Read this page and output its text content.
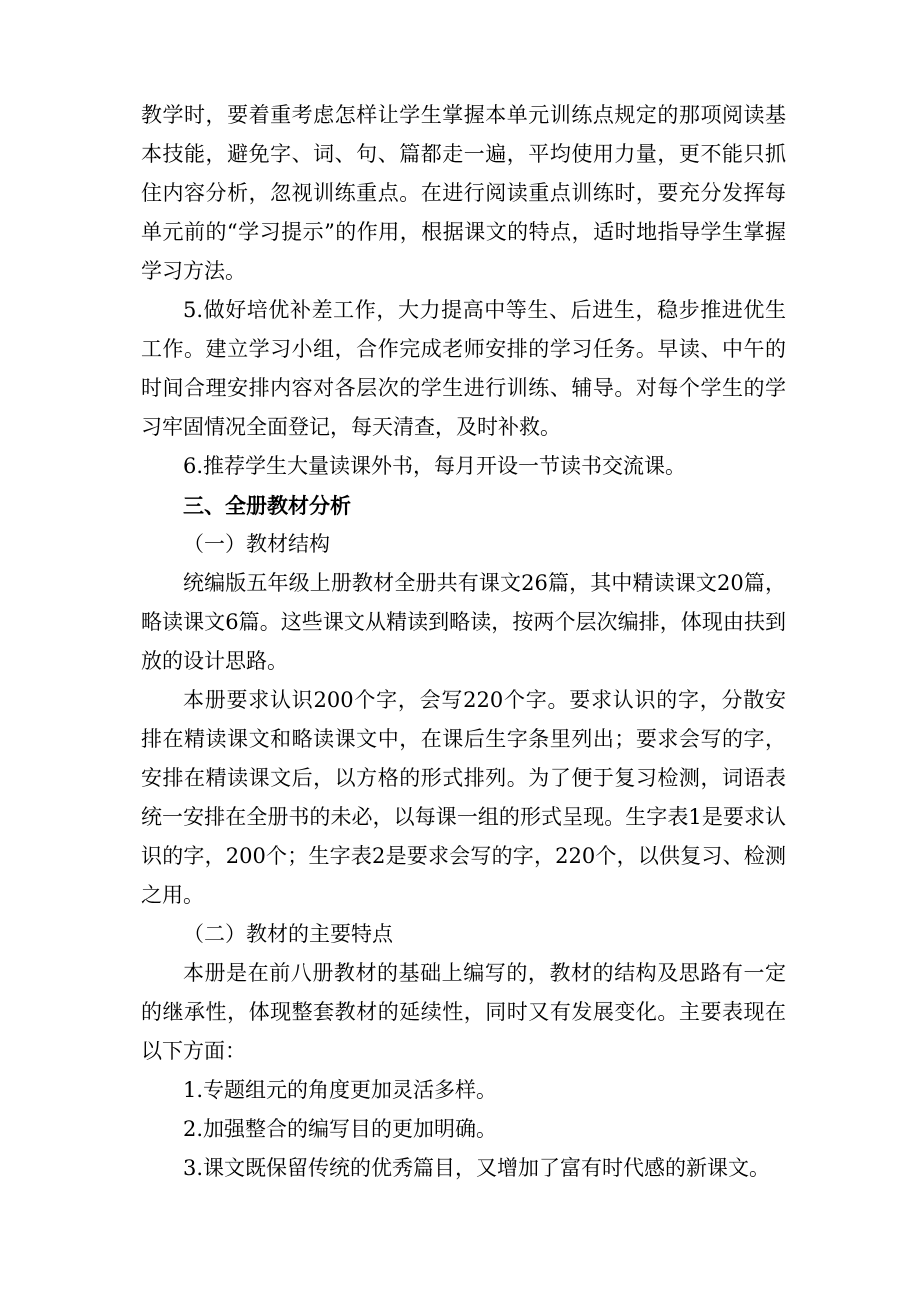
教学时，要着重考虑怎样让学生掌握本单元训练点规定的那项阅读基本技能，避免字、词、句、篇都走一遍，平均使用力量，更不能只抓住内容分析，忽视训练重点。在进行阅读重点训练时，要充分发挥每单元前的“学习提示”的作用，根据课文的特点，适时地指导学生掌握学习方法。

5.做好培优补差工作，大力提高中等生、后进生，稳步推进优生工作。建立学习小组，合作完成老师安排的学习任务。早读、中午的时间合理安排内容对各层次的学生进行训练、辅导。对每个学生的学习牢固情况全面登记，每天清查，及时补救。

6.推荐学生大量读课外书，每月开设一节读书交流课。

三、全册教材分析

（一）教材结构

统编版五年级上册教材全册共有课文26篇，其中精读课文20篇，略读课文6篇。这些课文从精读到略读，按两个层次编排，体现由扶到放的设计思路。

本册要求认识200个字，会写220个字。要求认识的字，分散安排在精读课文和略读课文中，在课后生字条里列出；要求会写的字，安排在精读课文后，以方格的形式排列。为了便于复习检测，词语表统一安排在全册书的未必，以每课一组的形式呈现。生字表1是要求认识的字，200个；生字表2是要求会写的字，220个，以供复习、检测之用。

（二）教材的主要特点

本册是在前八册教材的基础上编写的，教材的结构及思路有一定的继承性，体现整套教材的延续性，同时又有发展变化。主要表现在以下方面：

1.专题组元的角度更加灵活多样。

2.加强整合的编写目的更加明确。

3.课文既保留传统的优秀篇目，又增加了富有时代感的新课文。
